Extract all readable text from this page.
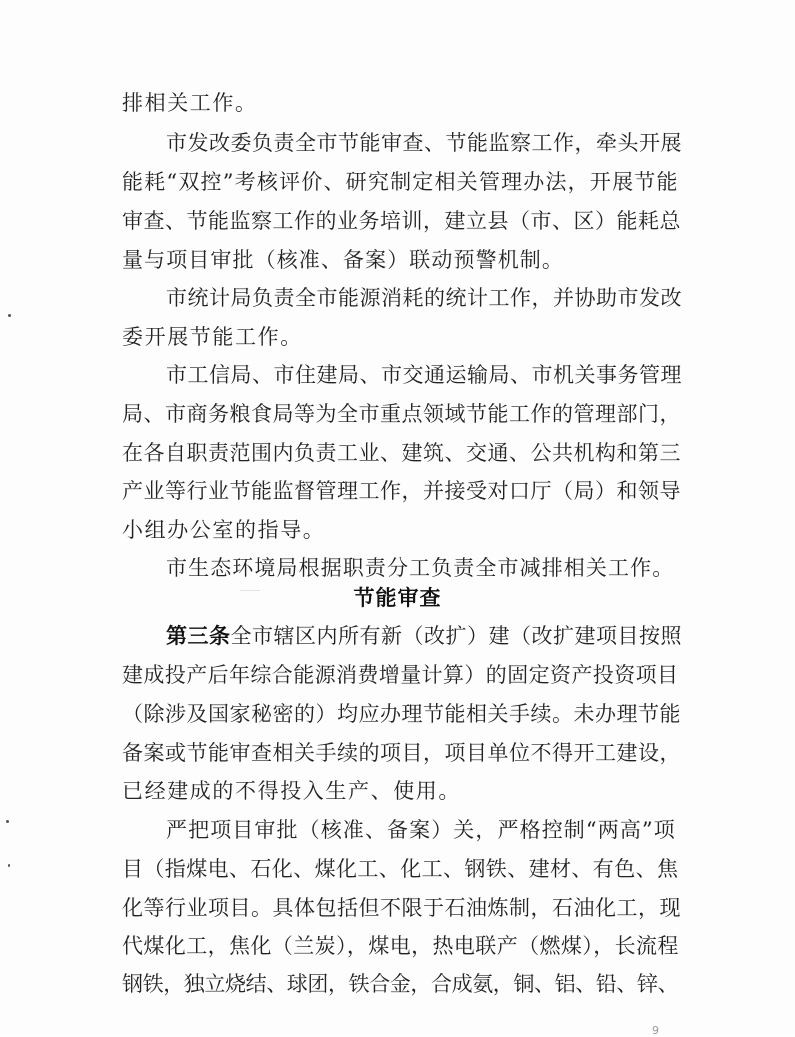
排相关工作。
市发改委负责全市节能审查、节能监察工作，牵头开展
能耗“双控”考核评价、研究制定相关管理办法，开展节能
审查、节能监察工作的业务培训，建立县（市、区）能耗总
量与项目审批（核准、备案）联动预警机制。
市统计局负责全市能源消耗的统计工作，并协助市发改
委开展节能工作。
市工信局、市住建局、市交通运输局、市机关事务管理
局、市商务粮食局等为全市重点领域节能工作的管理部门，
在各自职责范围内负责工业、建筑、交通、公共机构和第三
产业等行业节能监督管理工作，并接受对口厅（局）和领导
小组办公室的指导。
市生态环境局根据职责分工负责全市减排相关工作。
节能审查
第三条全市辖区内所有新（改扩）建（改扩建项目按照
建成投产后年综合能源消费增量计算）的固定资产投资项目
（除涉及国家秘密的）均应办理节能相关手续。未办理节能
备案或节能审查相关手续的项目，项目单位不得开工建设，
已经建成的不得投入生产、使用。
严把项目审批（核准、备案）关，严格控制“两高”项
目（指煤电、石化、煤化工、化工、钢铁、建材、有色、焦
化等行业项目。具体包括但不限于石油炼制，石油化工，现
代煤化工，焦化（兰炭），煤电，热电联产（燃煤），长流程
钢铁，独立烧结、球团，铁合金，合成氨，铜、铝、铅、锌、
9
